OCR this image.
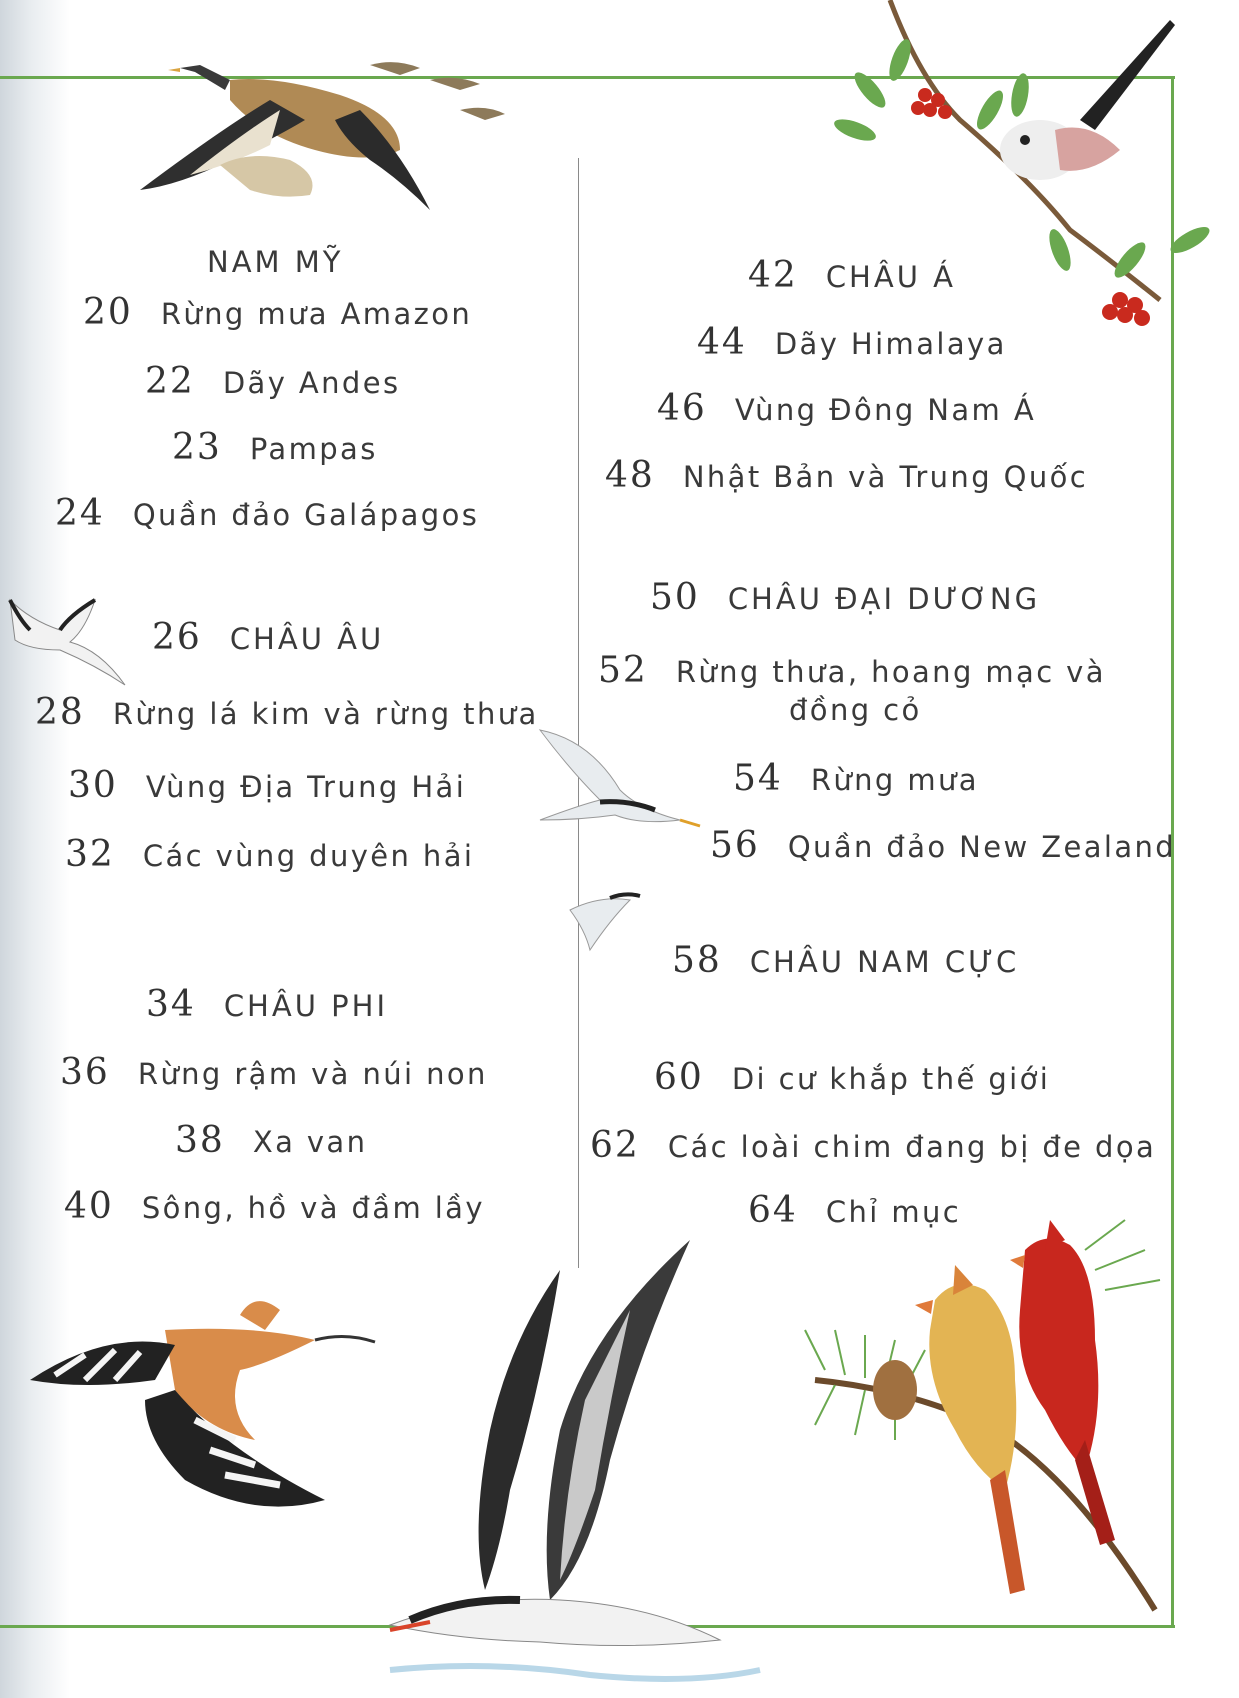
NAM MỸ
20 Rừng mưa Amazon
22 Dãy Andes
23 Pampas
24 Quần đảo Galápagos
26 CHÂU ÂU
28 Rừng lá kim và rừng thưa
30 Vùng Địa Trung Hải
32 Các vùng duyên hải
34 CHÂU PHI
36 Rừng rậm và núi non
38 Xa van
40 Sông, hồ và đầm lầy
42 CHÂU Á
44 Dãy Himalaya
46 Vùng Đông Nam Á
48 Nhật Bản và Trung Quốc
50 CHÂU ĐẠI DƯƠNG
52 Rừng thưa, hoang mạc và
đồng cỏ
54 Rừng mưa
56 Quần đảo New Zealand
58 CHÂU NAM CỰC
60 Di cư khắp thế giới
62 Các loài chim đang bị đe dọa
64 Chỉ mục
